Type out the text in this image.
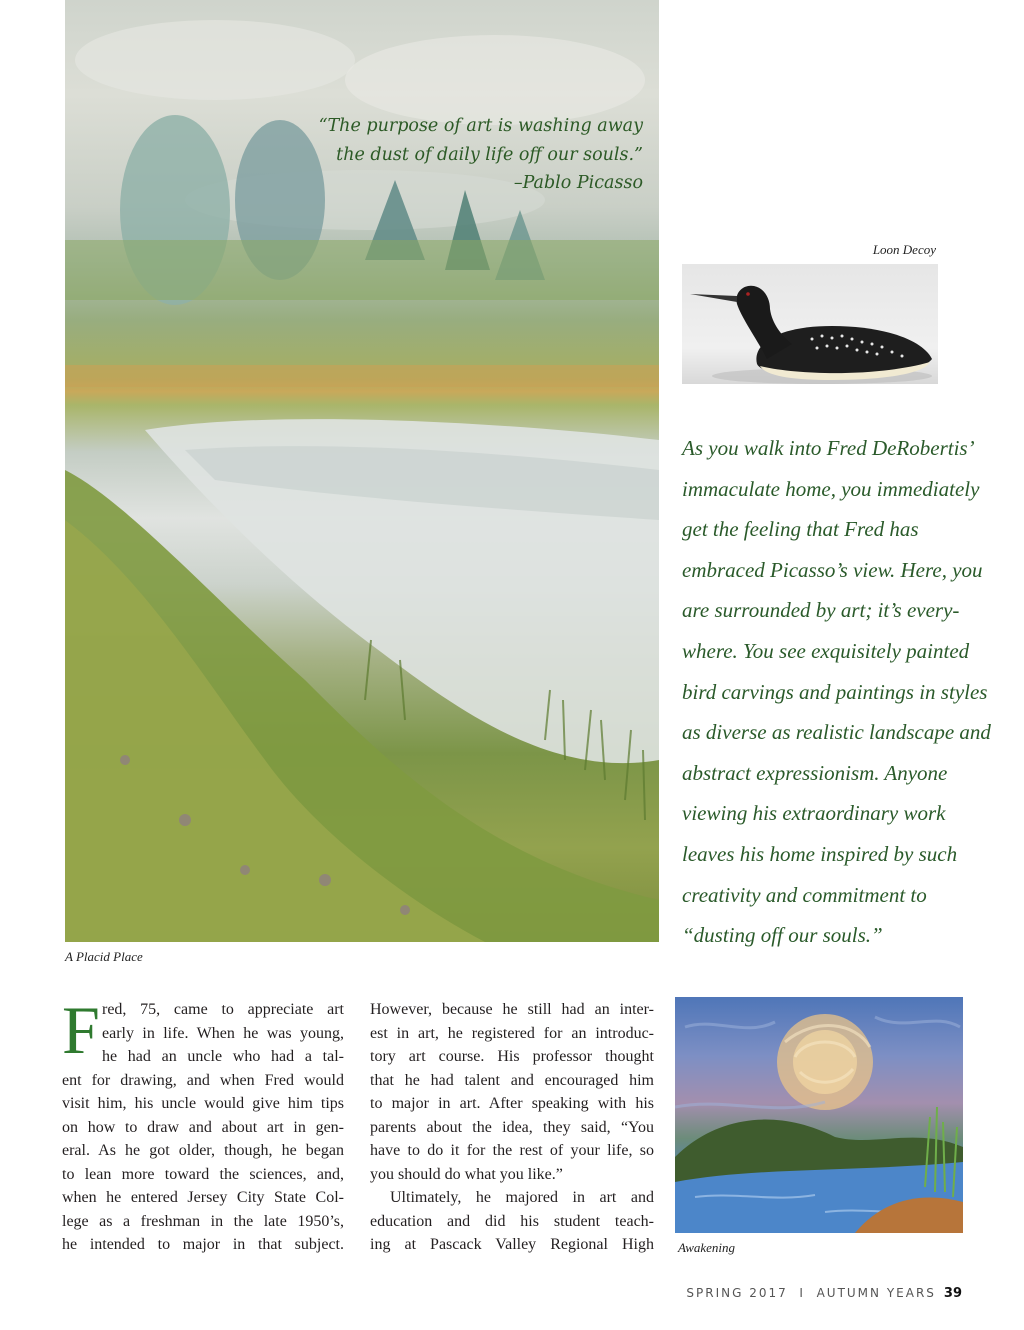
“The purpose of art is washing away
the dust of daily life off our souls.”
–Pablo Picasso
A Placid Place
Loon Decoy
As you walk into Fred DeRobertis’
immaculate home, you immediately
get the feeling that Fred has
embraced Picasso’s view. Here, you
are surrounded by art; it’s every-
where. You see exquisitely painted
bird carvings and paintings in styles
as diverse as realistic landscape and
abstract expressionism. Anyone
viewing his extraordinary work
leaves his home inspired by such
creativity and commitment to
“dusting off our souls.”
F red, 75, came to appreciate art
early in life. When he was young,
he had an uncle who had a tal-
ent for drawing, and when Fred would
visit him, his uncle would give him tips
on how to draw and about art in gen-
eral. As he got older, though, he began
to lean more toward the sciences, and,
when he entered Jersey City State Col-
lege as a freshman in the late 1950’s,
he intended to major in that subject.
However, because he still had an inter-
est in art, he registered for an introduc-
tory art course. His professor thought
that he had talent and encouraged him
to major in art. After speaking with his
parents about the idea, they said, “You
have to do it for the rest of your life, so
you should do what you like.”
Ultimately, he majored in art and
education and did his student teach-
ing at Pascack Valley Regional High Awakening
SPRING 2017  I  AUTUMN YEARS 39
